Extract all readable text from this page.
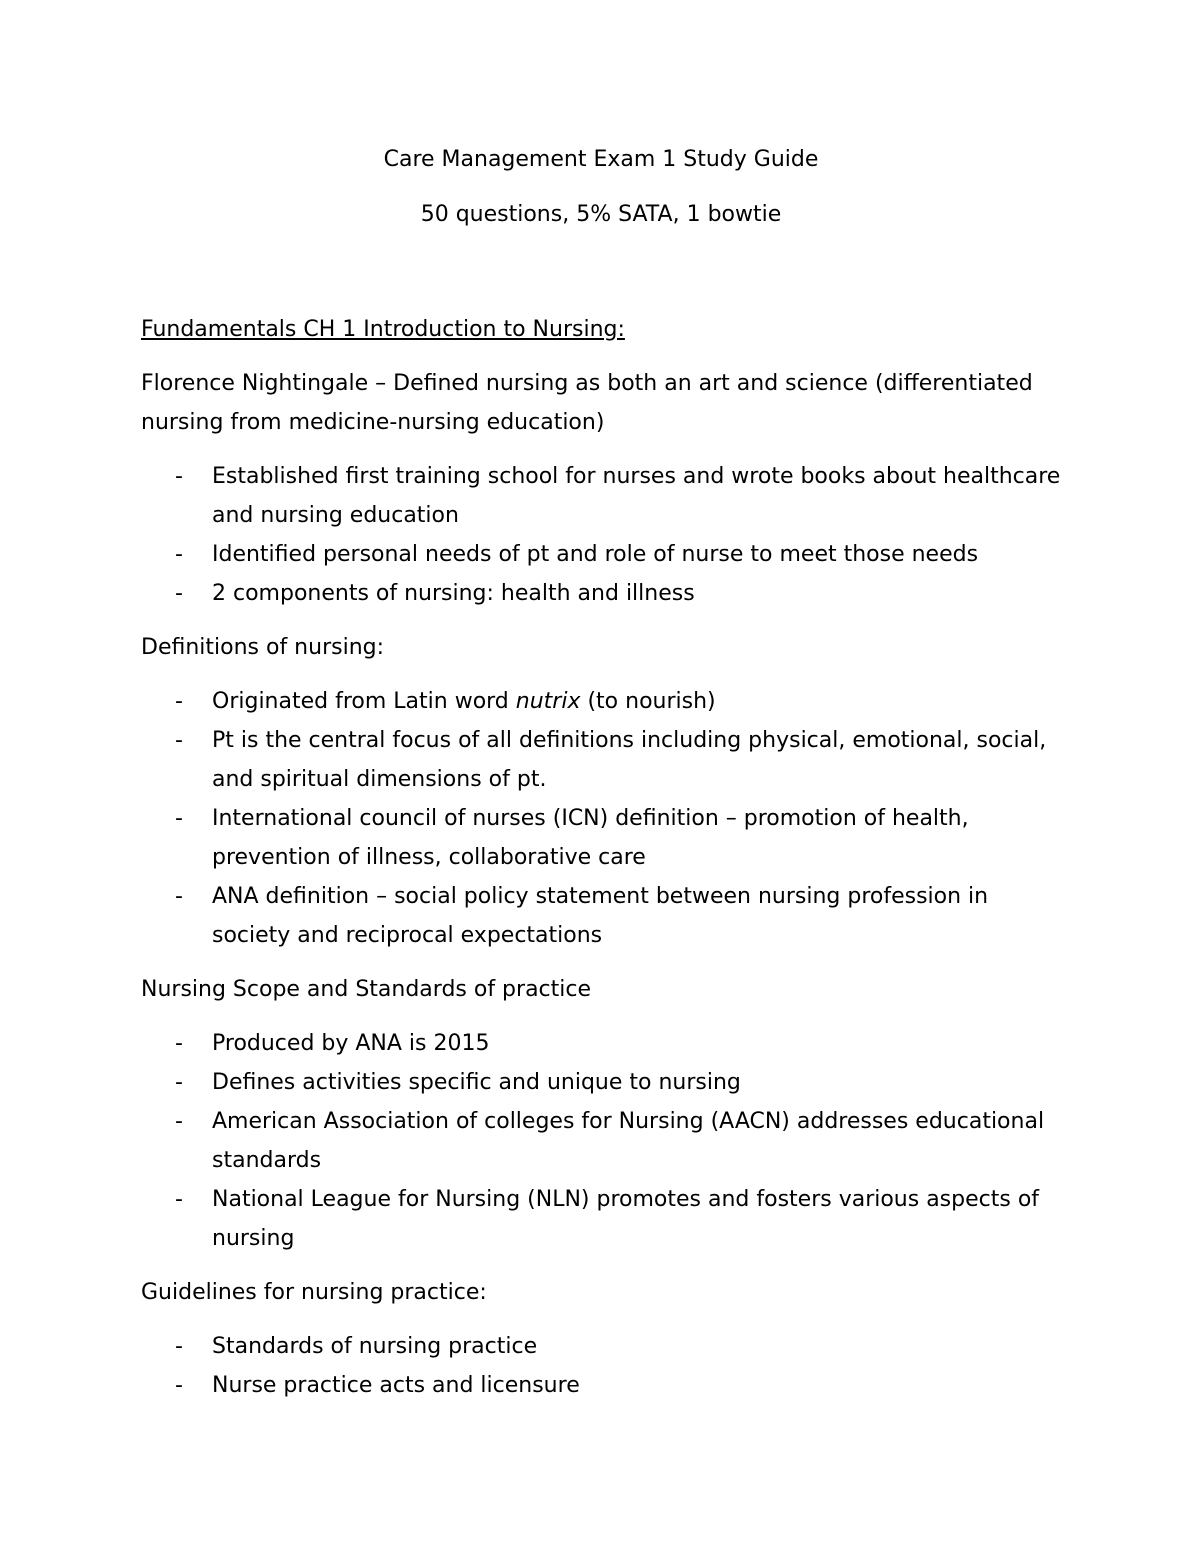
Care Management Exam 1 Study Guide

50 questions, 5% SATA, 1 bowtie

Fundamentals CH 1 Introduction to Nursing:

Florence Nightingale – Defined nursing as both an art and science (differentiated nursing from medicine-nursing education)

- Established first training school for nurses and wrote books about healthcare and nursing education
- Identified personal needs of pt and role of nurse to meet those needs
- 2 components of nursing: health and illness

Definitions of nursing:

- Originated from Latin word nutrix (to nourish)
- Pt is the central focus of all definitions including physical, emotional, social, and spiritual dimensions of pt.
- International council of nurses (ICN) definition – promotion of health, prevention of illness, collaborative care
- ANA definition – social policy statement between nursing profession in society and reciprocal expectations

Nursing Scope and Standards of practice

- Produced by ANA is 2015
- Defines activities specific and unique to nursing
- American Association of colleges for Nursing (AACN) addresses educational standards
- National League for Nursing (NLN) promotes and fosters various aspects of nursing

Guidelines for nursing practice:

- Standards of nursing practice
- Nurse practice acts and licensure
